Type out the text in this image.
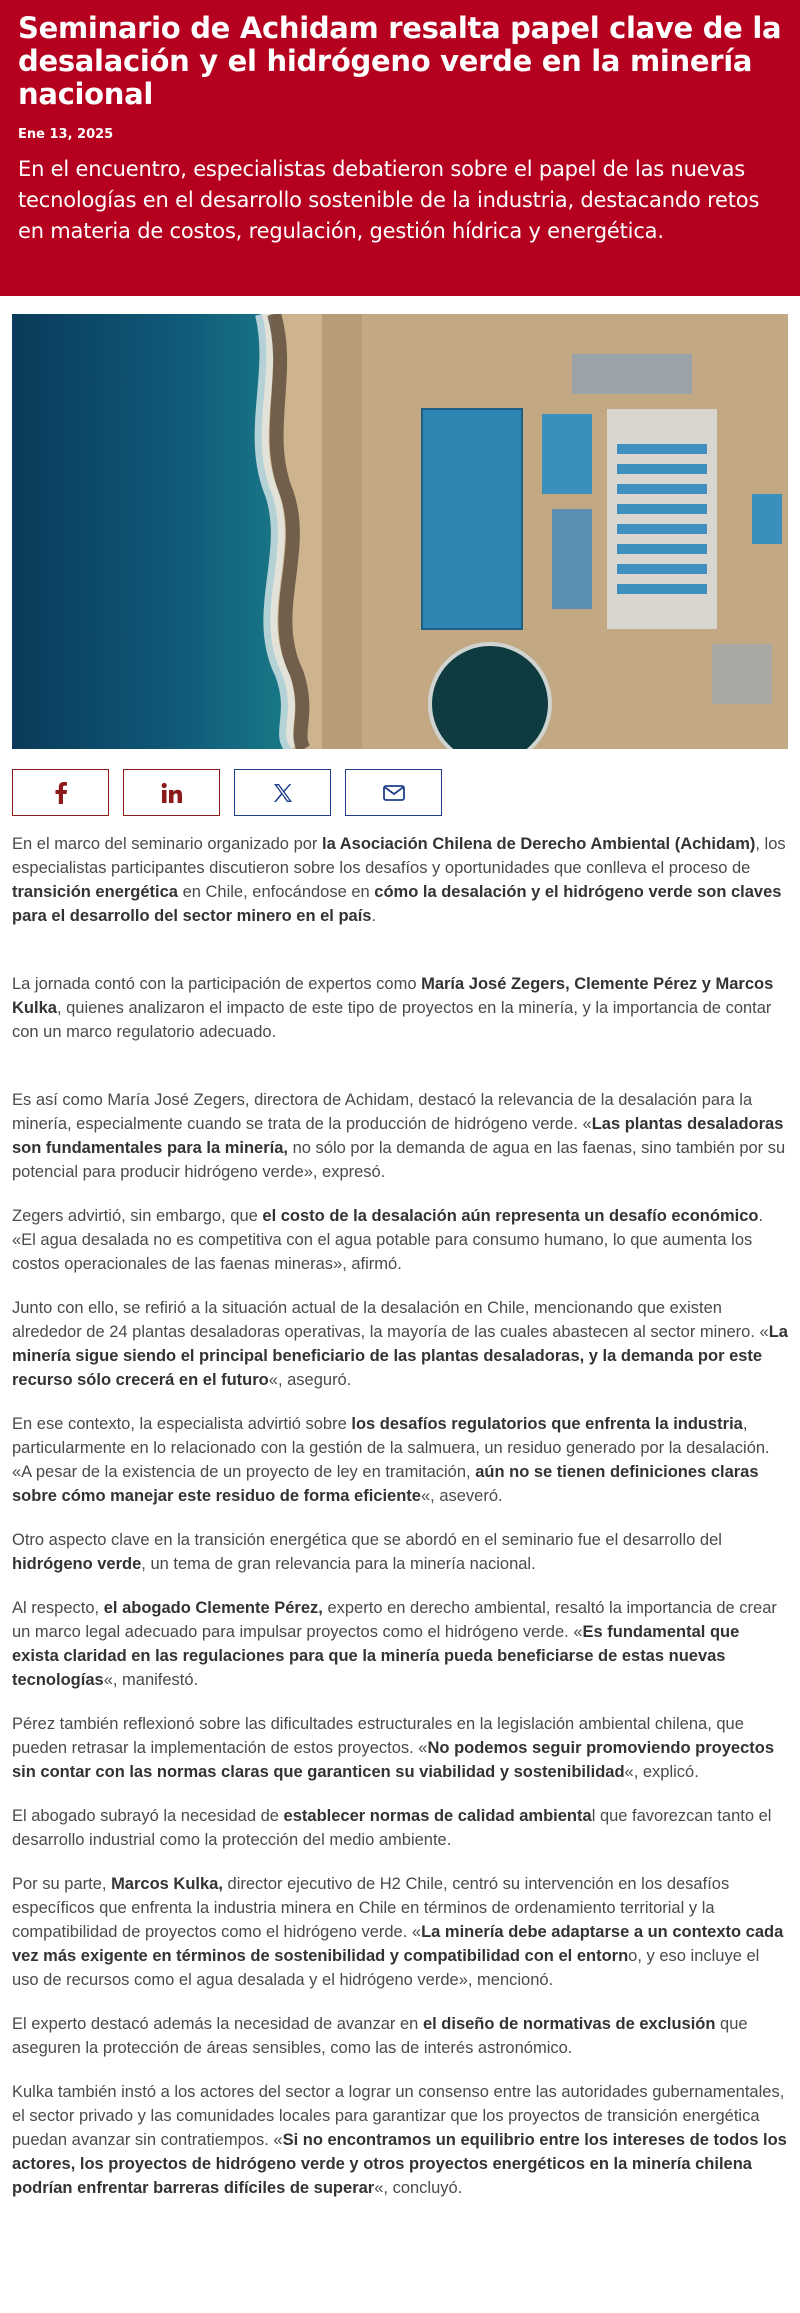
Seminario de Achidam resalta papel clave de la desalación y el hidrógeno verde en la minería nacional
Ene 13, 2025

En el encuentro, especialistas debatieron sobre el papel de las nuevas tecnologías en el desarrollo sostenible de la industria, destacando retos en materia de costos, regulación, gestión hídrica y energética.

En el marco del seminario organizado por la Asociación Chilena de Derecho Ambiental (Achidam), los especialistas participantes discutieron sobre los desafíos y oportunidades que conlleva el proceso de transición energética en Chile, enfocándose en cómo la desalación y el hidrógeno verde son claves para el desarrollo del sector minero en el país.

La jornada contó con la participación de expertos como María José Zegers, Clemente Pérez y Marcos Kulka, quienes analizaron el impacto de este tipo de proyectos en la minería, y la importancia de contar con un marco regulatorio adecuado.

Es así como María José Zegers, directora de Achidam, destacó la relevancia de la desalación para la minería, especialmente cuando se trata de la producción de hidrógeno verde. «Las plantas desaladoras son fundamentales para la minería, no sólo por la demanda de agua en las faenas, sino también por su potencial para producir hidrógeno verde», expresó.

Zegers advirtió, sin embargo, que el costo de la desalación aún representa un desafío económico. «El agua desalada no es competitiva con el agua potable para consumo humano, lo que aumenta los costos operacionales de las faenas mineras», afirmó.

Junto con ello, se refirió a la situación actual de la desalación en Chile, mencionando que existen alrededor de 24 plantas desaladoras operativas, la mayoría de las cuales abastecen al sector minero. «La minería sigue siendo el principal beneficiario de las plantas desaladoras, y la demanda por este recurso sólo crecerá en el futuro«, aseguró.

En ese contexto, la especialista advirtió sobre los desafíos regulatorios que enfrenta la industria, particularmente en lo relacionado con la gestión de la salmuera, un residuo generado por la desalación. «A pesar de la existencia de un proyecto de ley en tramitación, aún no se tienen definiciones claras sobre cómo manejar este residuo de forma eficiente«, aseveró.

Otro aspecto clave en la transición energética que se abordó en el seminario fue el desarrollo del hidrógeno verde, un tema de gran relevancia para la minería nacional.

Al respecto, el abogado Clemente Pérez, experto en derecho ambiental, resaltó la importancia de crear un marco legal adecuado para impulsar proyectos como el hidrógeno verde. «Es fundamental que exista claridad en las regulaciones para que la minería pueda beneficiarse de estas nuevas tecnologías«, manifestó.

Pérez también reflexionó sobre las dificultades estructurales en la legislación ambiental chilena, que pueden retrasar la implementación de estos proyectos. «No podemos seguir promoviendo proyectos sin contar con las normas claras que garanticen su viabilidad y sostenibilidad«, explicó.

El abogado subrayó la necesidad de establecer normas de calidad ambiental que favorezcan tanto el desarrollo industrial como la protección del medio ambiente.

Por su parte, Marcos Kulka, director ejecutivo de H2 Chile, centró su intervención en los desafíos específicos que enfrenta la industria minera en Chile en términos de ordenamiento territorial y la compatibilidad de proyectos como el hidrógeno verde. «La minería debe adaptarse a un contexto cada vez más exigente en términos de sostenibilidad y compatibilidad con el entorno, y eso incluye el uso de recursos como el agua desalada y el hidrógeno verde», mencionó.

El experto destacó además la necesidad de avanzar en el diseño de normativas de exclusión que aseguren la protección de áreas sensibles, como las de interés astronómico.

Kulka también instó a los actores del sector a lograr un consenso entre las autoridades gubernamentales, el sector privado y las comunidades locales para garantizar que los proyectos de transición energética puedan avanzar sin contratiempos. «Si no encontramos un equilibrio entre los intereses de todos los actores, los proyectos de hidrógeno verde y otros proyectos energéticos en la minería chilena podrían enfrentar barreras difíciles de superar«, concluyó.
